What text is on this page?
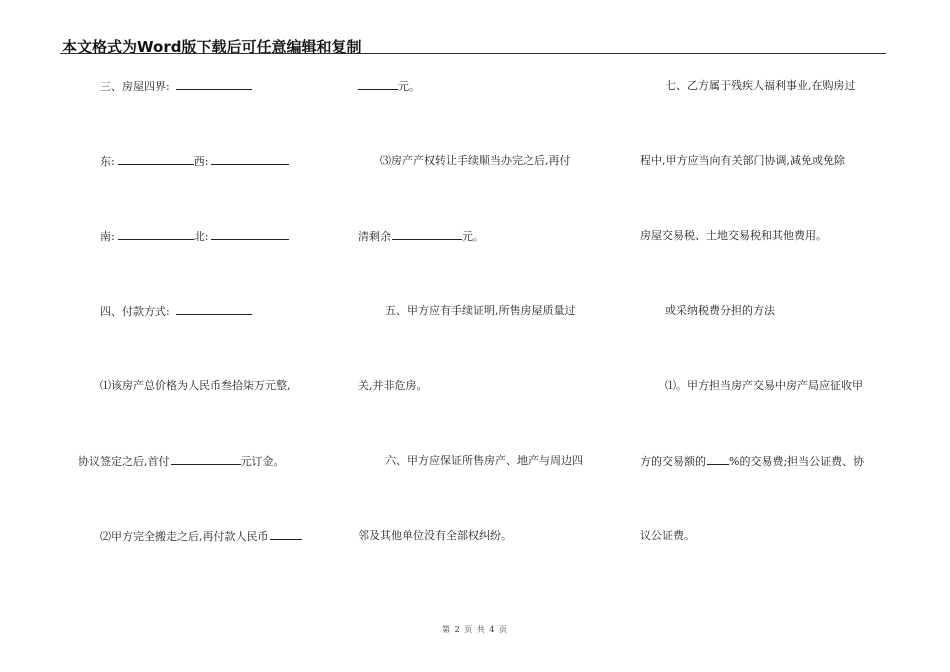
本文格式为Word版下载后可任意编辑和复制
三、房屋四界:
东:	西:
南:	北:
四、付款方式:
⑴该房产总价格为人民币叁拾柒万元整,
协议签定之后,首付	元订金。
⑵甲方完全搬走之后,再付款人民币
元。
⑶房产产权转让手续顺当办完之后,再付
清剩余	元。
五、甲方应有手续证明,所售房屋质量过
关,并非危房。
六、甲方应保证所售房产、地产与周边四
邻及其他单位没有全部权纠纷。
七、乙方属于残疾人福利事业,在购房过
程中,甲方应当向有关部门协调,减免或免除
房屋交易税、土地交易税和其他费用。
或采纳税费分担的方法
⑴。甲方担当房产交易中房产局应征收甲
方的交易额的 %的交易费;担当公证费、协
议公证费。
第 2 页 共 4 页
